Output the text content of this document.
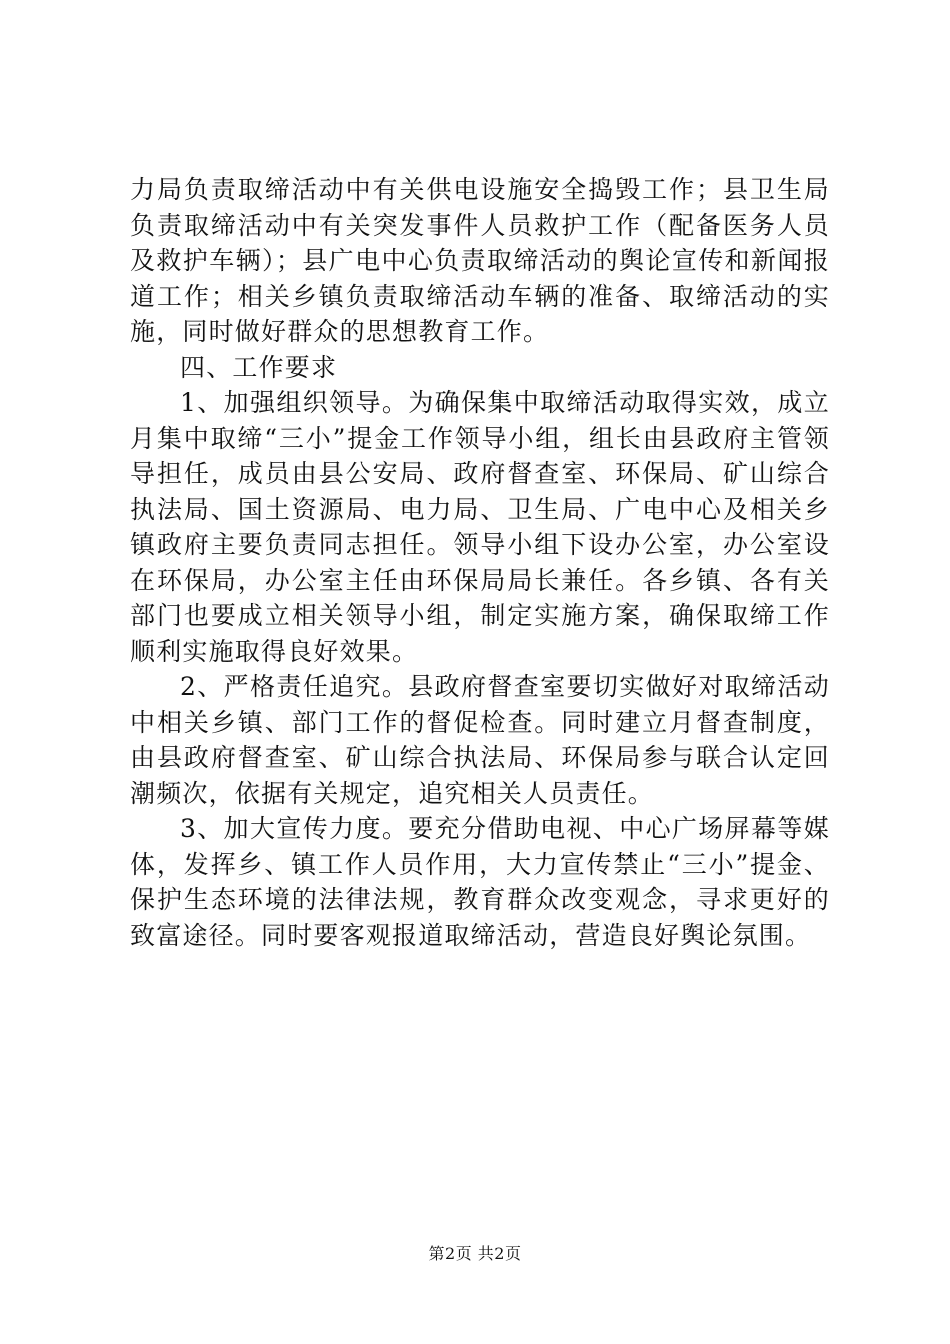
力局负责取缔活动中有关供电设施安全捣毁工作；县卫生局负责取缔活动中有关突发事件人员救护工作（配备医务人员及救护车辆）；县广电中心负责取缔活动的舆论宣传和新闻报道工作；相关乡镇负责取缔活动车辆的准备、取缔活动的实施，同时做好群众的思想教育工作。

四、工作要求

1、加强组织领导。为确保集中取缔活动取得实效，成立月集中取缔“三小”提金工作领导小组，组长由县政府主管领导担任，成员由县公安局、政府督查室、环保局、矿山综合执法局、国土资源局、电力局、卫生局、广电中心及相关乡镇政府主要负责同志担任。领导小组下设办公室，办公室设在环保局，办公室主任由环保局局长兼任。各乡镇、各有关部门也要成立相关领导小组，制定实施方案，确保取缔工作顺利实施取得良好效果。

2、严格责任追究。县政府督查室要切实做好对取缔活动中相关乡镇、部门工作的督促检查。同时建立月督查制度，由县政府督查室、矿山综合执法局、环保局参与联合认定回潮频次，依据有关规定，追究相关人员责任。

3、加大宣传力度。要充分借助电视、中心广场屏幕等媒体，发挥乡、镇工作人员作用，大力宣传禁止“三小”提金、保护生态环境的法律法规，教育群众改变观念，寻求更好的致富途径。同时要客观报道取缔活动，营造良好舆论氛围。

第2页 共2页
